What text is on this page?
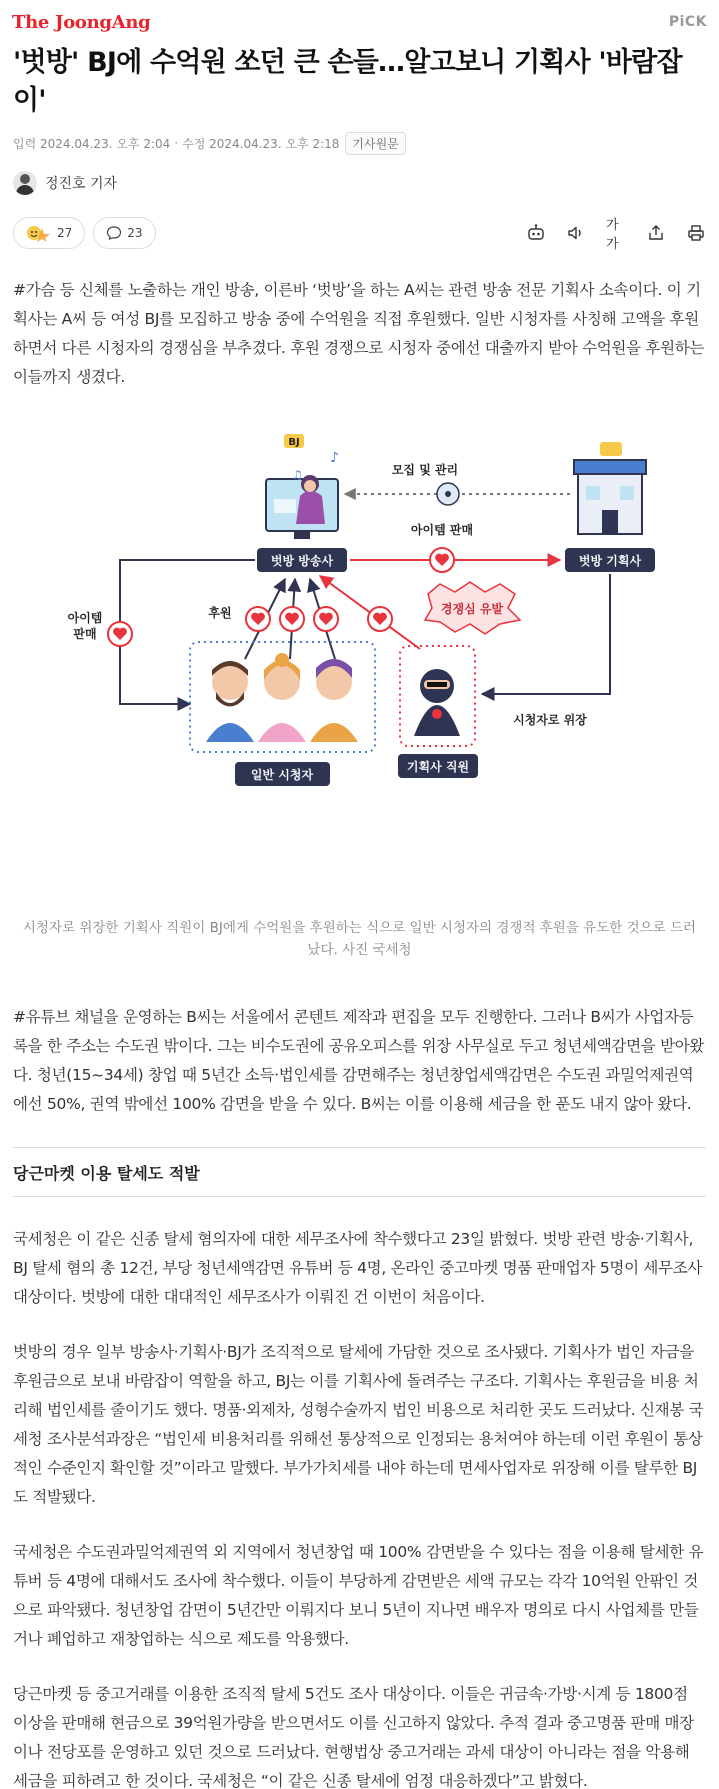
The JoongAng	PiCK
'벗방' BJ에 수억원 쏘던 큰 손들…알고보니 기획사 '바람잡이'
입력 2024.04.23. 오후 2:04 · 수정 2024.04.23. 오후 2:18	기사원문
정진호 기자
27	23	가가

#가슴 등 신체를 노출하는 개인 방송, 이른바 ‘벗방’을 하는 A씨는 관련 방송 전문 기획사 소속이다. 이 기획사는 A씨 등 여성 BJ를 모집하고 방송 중에 수억원을 직접 후원했다. 일반 시청자를 사칭해 고액을 후원하면서 다른 시청자의 경쟁심을 부추겼다. 후원 경쟁으로 시청자 중에선 대출까지 받아 수억원을 후원하는 이들까지 생겼다.

BJ
♪
♫	모집 및 관리
벗방 방송사	벗방 기획사
아이템 판매
아이템 판매
후원	경쟁심 유발
일반 시청자
기획사 직원
시청자로 위장

시청자로 위장한 기획사 직원이 BJ에게 수억원을 후원하는 식으로 일반 시청자의 경쟁적 후원을 유도한 것으로 드러났다. 사진 국세청

#유튜브 채널을 운영하는 B씨는 서울에서 콘텐트 제작과 편집을 모두 진행한다. 그러나 B씨가 사업자등록을 한 주소는 수도권 밖이다. 그는 비수도권에 공유오피스를 위장 사무실로 두고 청년세액감면을 받아왔다. 청년(15~34세) 창업 때 5년간 소득·법인세를 감면해주는 청년창업세액감면은 수도권 과밀억제권역에선 50%, 권역 밖에선 100% 감면을 받을 수 있다. B씨는 이를 이용해 세금을 한 푼도 내지 않아 왔다.

당근마켓 이용 탈세도 적발

국세청은 이 같은 신종 탈세 혐의자에 대한 세무조사에 착수했다고 23일 밝혔다. 벗방 관련 방송·기획사, BJ 탈세 혐의 총 12건, 부당 청년세액감면 유튜버 등 4명, 온라인 중고마켓 명품 판매업자 5명이 세무조사 대상이다. 벗방에 대한 대대적인 세무조사가 이뤄진 건 이번이 처음이다.

벗방의 경우 일부 방송사·기획사·BJ가 조직적으로 탈세에 가담한 것으로 조사됐다. 기획사가 법인 자금을 후원금으로 보내 바람잡이 역할을 하고, BJ는 이를 기획사에 돌려주는 구조다. 기획사는 후원금을 비용 처리해 법인세를 줄이기도 했다. 명품·외제차, 성형수술까지 법인 비용으로 처리한 곳도 드러났다. 신재봉 국세청 조사분석과장은 “법인세 비용처리를 위해선 통상적으로 인정되는 용처여야 하는데 이런 후원이 통상적인 수준인지 확인할 것”이라고 말했다. 부가가치세를 내야 하는데 면세사업자로 위장해 이를 탈루한 BJ도 적발됐다.

국세청은 수도권과밀억제권역 외 지역에서 청년창업 때 100% 감면받을 수 있다는 점을 이용해 탈세한 유튜버 등 4명에 대해서도 조사에 착수했다. 이들이 부당하게 감면받은 세액 규모는 각각 10억원 안팎인 것으로 파악됐다. 청년창업 감면이 5년간만 이뤄지다 보니 5년이 지나면 배우자 명의로 다시 사업체를 만들거나 폐업하고 재창업하는 식으로 제도를 악용했다.

당근마켓 등 중고거래를 이용한 조직적 탈세 5건도 조사 대상이다. 이들은 귀금속·가방·시계 등 1800점 이상을 판매해 현금으로 39억원가량을 받으면서도 이를 신고하지 않았다. 추적 결과 중고명품 판매 매장이나 전당포를 운영하고 있던 것으로 드러났다. 현행법상 중고거래는 과세 대상이 아니라는 점을 악용해 세금을 피하려고 한 것이다. 국세청은 “이 같은 신종 탈세에 엄정 대응하겠다”고 밝혔다.
